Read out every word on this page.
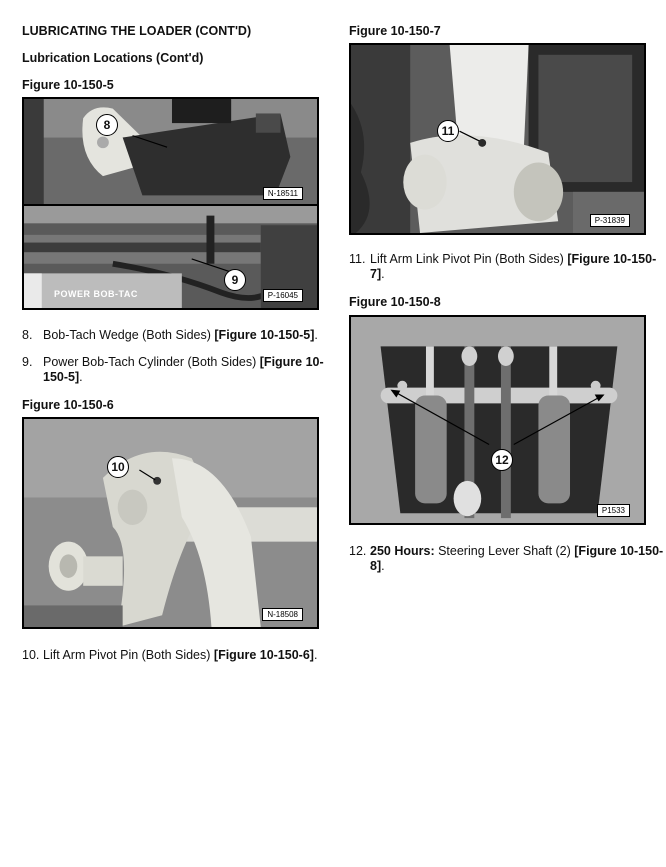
LUBRICATING THE LOADER (CONT'D)
Lubrication Locations (Cont'd)
Figure 10-150-5
N-18511
8
POWER BOB-TAC	P-16045
9
8. Bob-Tach Wedge (Both Sides) [Figure 10-150-5].
9. Power Bob-Tach Cylinder (Both Sides) [Figure 10-
150-5].
Figure 10-150-6
N-18508
10
10. Lift Arm Pivot Pin (Both Sides) [Figure 10-150-6].
Figure 10-150-7
P-31839
11
11. Lift Arm Link Pivot Pin (Both Sides) [Figure 10-150-
7].
Figure 10-150-8
P1533
12
12. 250 Hours: Steering Lever Shaft (2) [Figure 10-150-
8].
